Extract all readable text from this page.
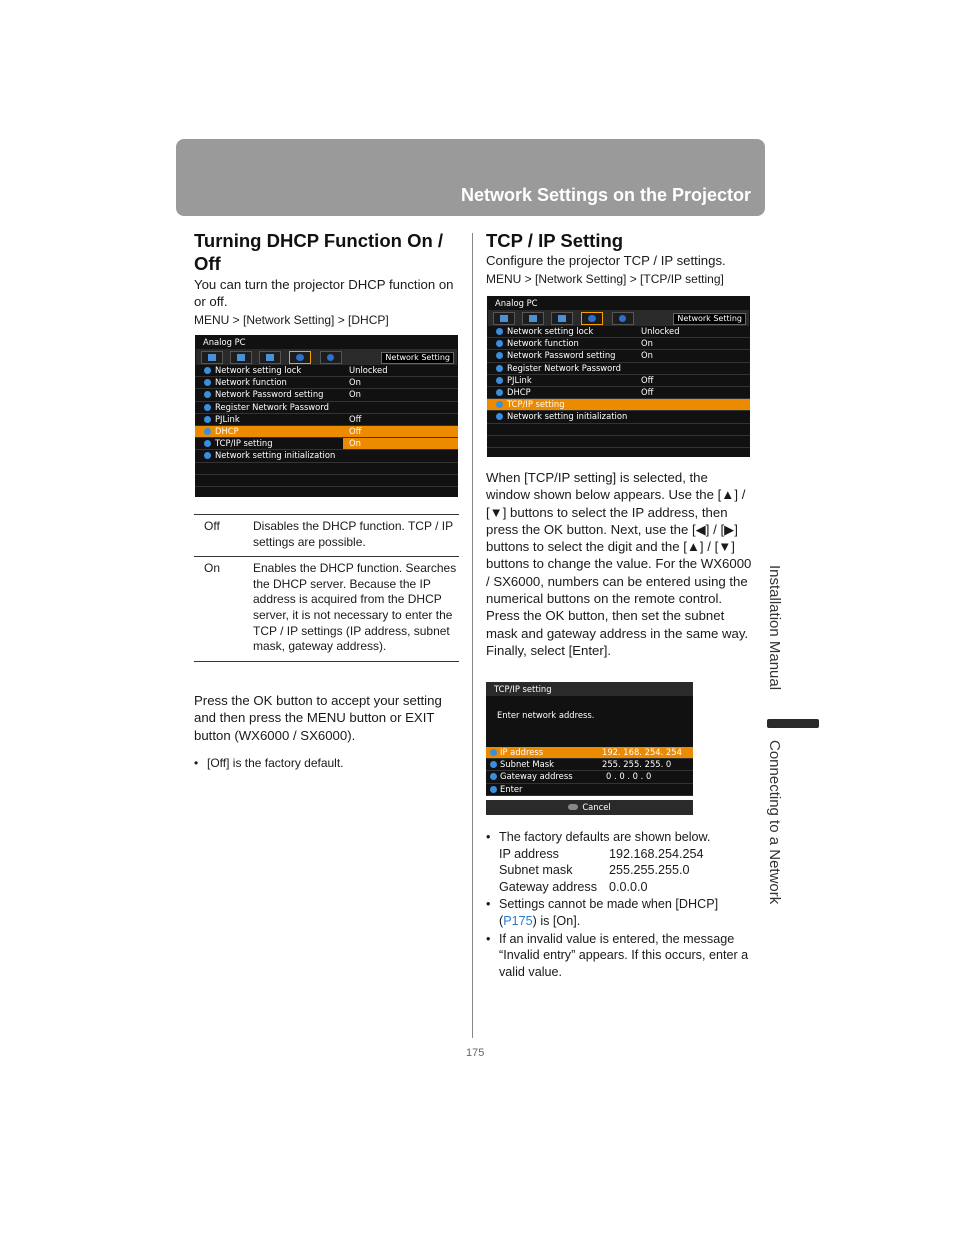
Network Settings on the Projector
Turning DHCP Function On / Off
You can turn the projector DHCP function on or off.
MENU > [Network Setting] > [DHCP]
Analog PC
Network Setting
Network setting lock	Unlocked
Network function	On
Network Password setting	On
Register Network Password
PJLink	Off
DHCP	Off
TCP/IP setting	On
Network setting initialization
Off	Disables the DHCP function. TCP / IP settings are possible.
On	Enables the DHCP function. Searches the DHCP server. Because the IP address is acquired from the DHCP server, it is not necessary to enter the TCP / IP settings (IP address, subnet mask, gateway address).
Press the OK button to accept your setting and then press the MENU button or EXIT button (WX6000 / SX6000).
• [Off] is the factory default.
TCP / IP Setting
Configure the projector TCP / IP settings.
MENU > [Network Setting] > [TCP/IP setting]
Analog PC
Network Setting
Network setting lock	Unlocked
Network function	On
Network Password setting	On
Register Network Password
PJLink	Off
DHCP	Off
TCP/IP setting
Network setting initialization
When [TCP/IP setting] is selected, the window shown below appears. Use the [▲] / [▼] buttons to select the IP address, then press the OK button. Next, use the [◀] / [▶] buttons to select the digit and the [▲] / [▼] buttons to change the value. For the WX6000 / SX6000, numbers can be entered using the numerical buttons on the remote control. Press the OK button, then set the subnet mask and gateway address in the same way. Finally, select [Enter].
TCP/IP setting
Enter network address.
IP address	192. 168. 254. 254
Subnet Mask	255. 255. 255. 0
Gateway address	0 . 0 . 0 . 0
Enter
Cancel
• The factory defaults are shown below.
IP address	192.168.254.254
Subnet mask	255.255.255.0
Gateway address 0.0.0.0
• Settings cannot be made when [DHCP] (P175) is [On].
• If an invalid value is entered, the message “Invalid entry” appears. If this occurs, enter a valid value.
Installation Manual
Connecting to a Network
175
